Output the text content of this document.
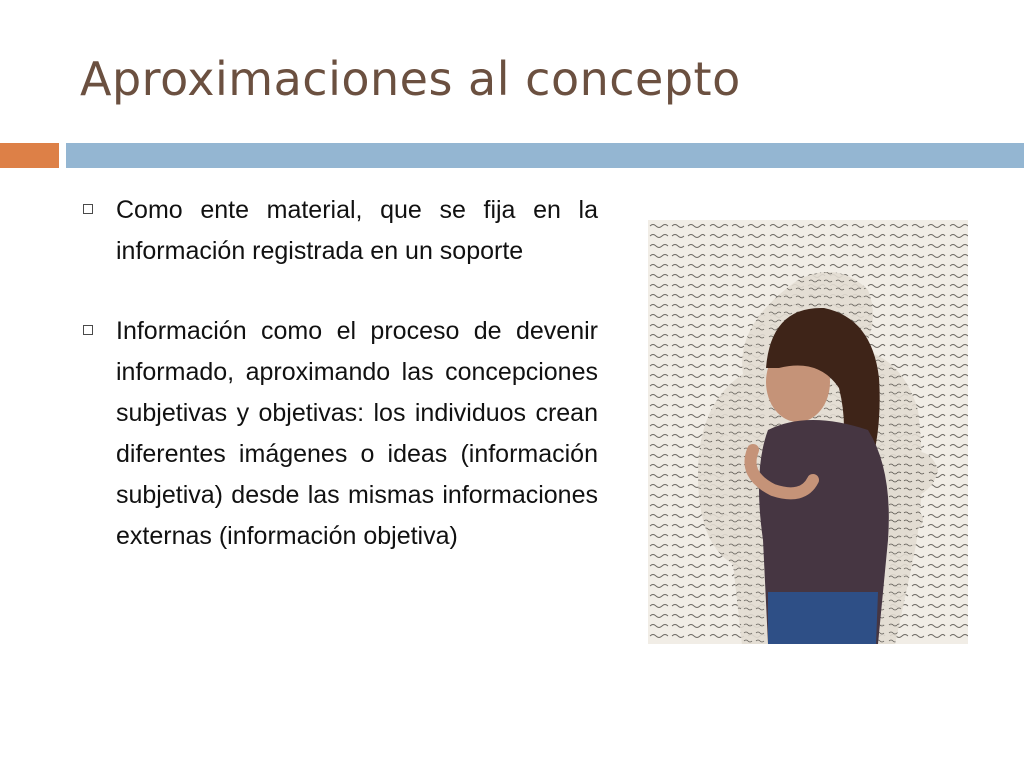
Aproximaciones al concepto
Como ente material, que se fija en la información registrada en un soporte
Información como el proceso de devenir informado, aproximando las concepciones subjetivas y objetivas: los individuos crean diferentes imágenes o ideas (información subjetiva) desde las mismas informaciones externas (información objetiva)
